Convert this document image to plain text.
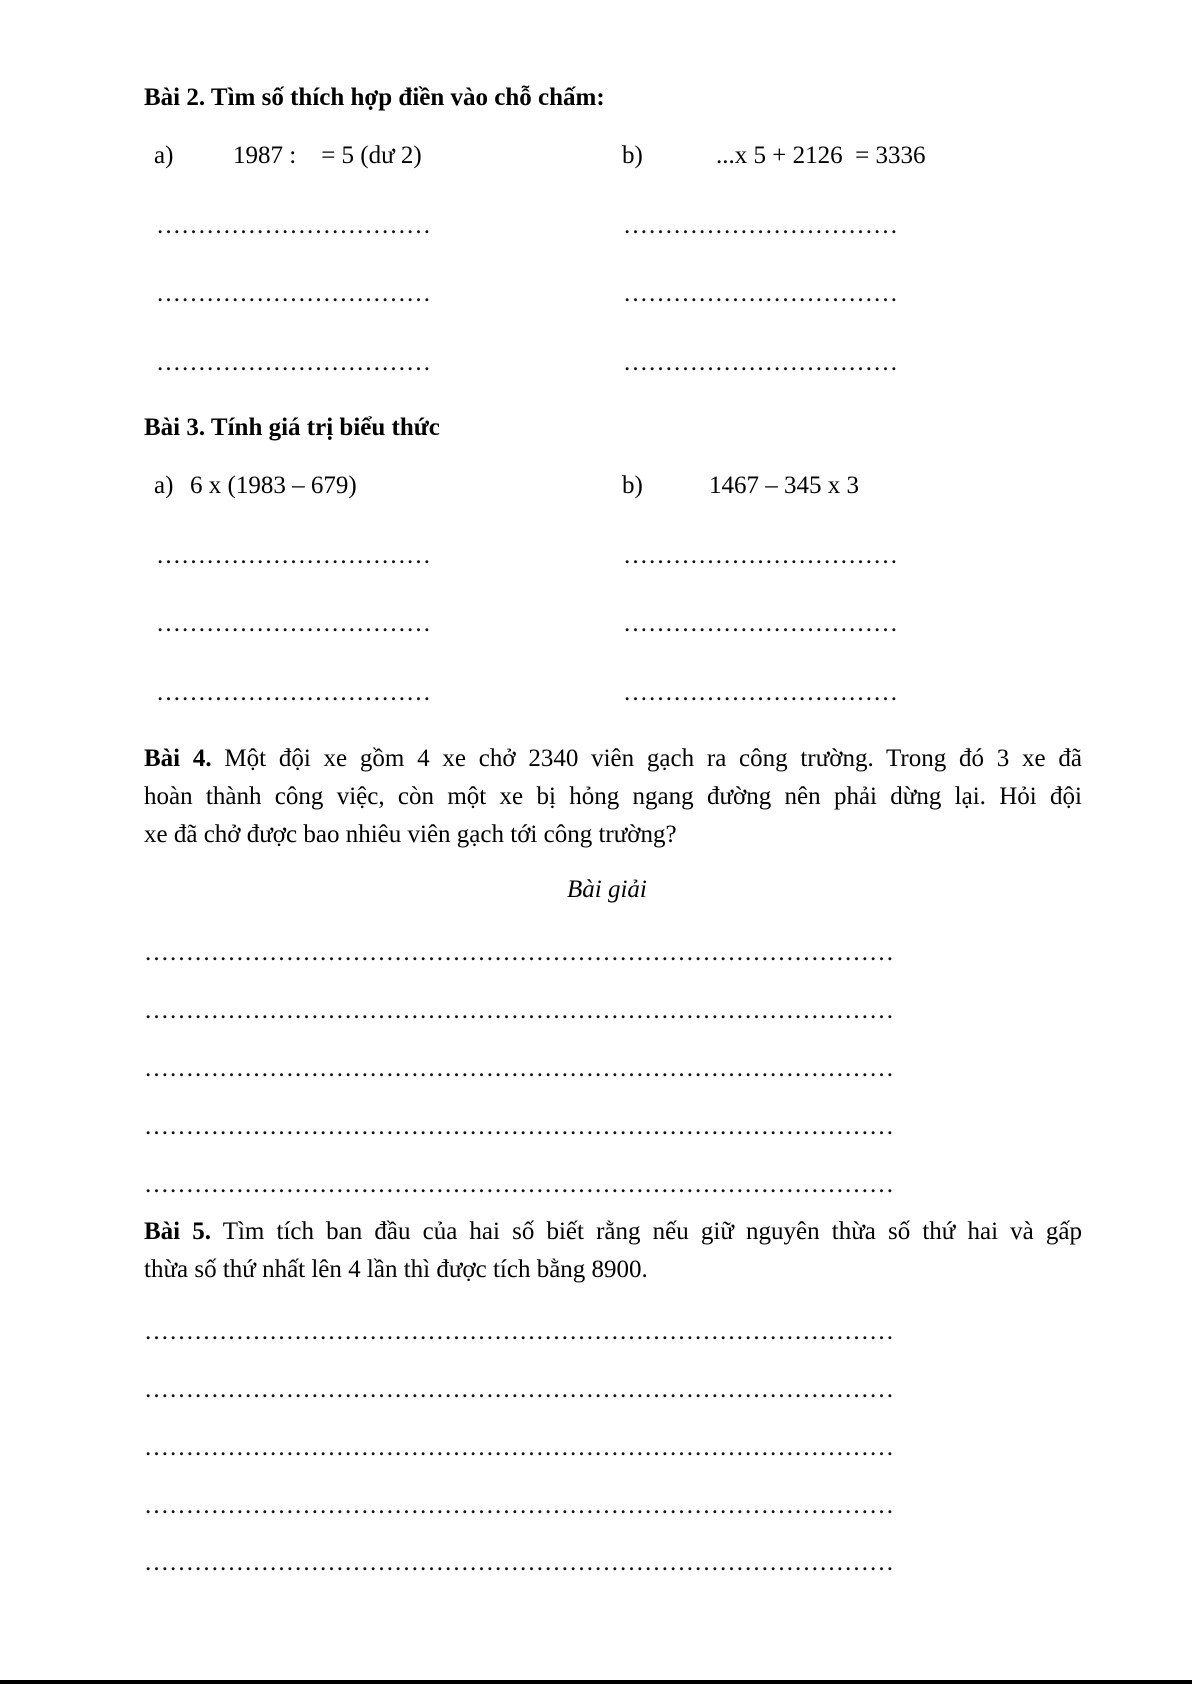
Bài 2. Tìm số thích hợp điền vào chỗ chấm:
a) 1987 :    = 5 (dư 2)	b)	...x 5 + 2126  = 3336
……………………………	……………………………
……………………………	……………………………
……………………………	……………………………
Bài 3. Tính giá trị biểu thức
a) 6 x (1983 – 679)	b)	1467 – 345 x 3
……………………………	……………………………
……………………………	……………………………
……………………………	……………………………
Bài 4. Một đội xe gồm 4 xe chở 2340 viên gạch ra công trường. Trong đó 3 xe đã
hoàn thành công việc, còn một xe bị hỏng ngang đường nên phải dừng lại. Hỏi đội
xe đã chở được bao nhiêu viên gạch tới công trường?
Bài giải
………………………………………………………………………………
………………………………………………………………………………
………………………………………………………………………………
………………………………………………………………………………
………………………………………………………………………………
Bài 5. Tìm tích ban đầu của hai số biết rằng nếu giữ nguyên thừa số thứ hai và gấp
thừa số thứ nhất lên 4 lần thì được tích bằng 8900.
………………………………………………………………………………
………………………………………………………………………………
………………………………………………………………………………
………………………………………………………………………………
………………………………………………………………………………
